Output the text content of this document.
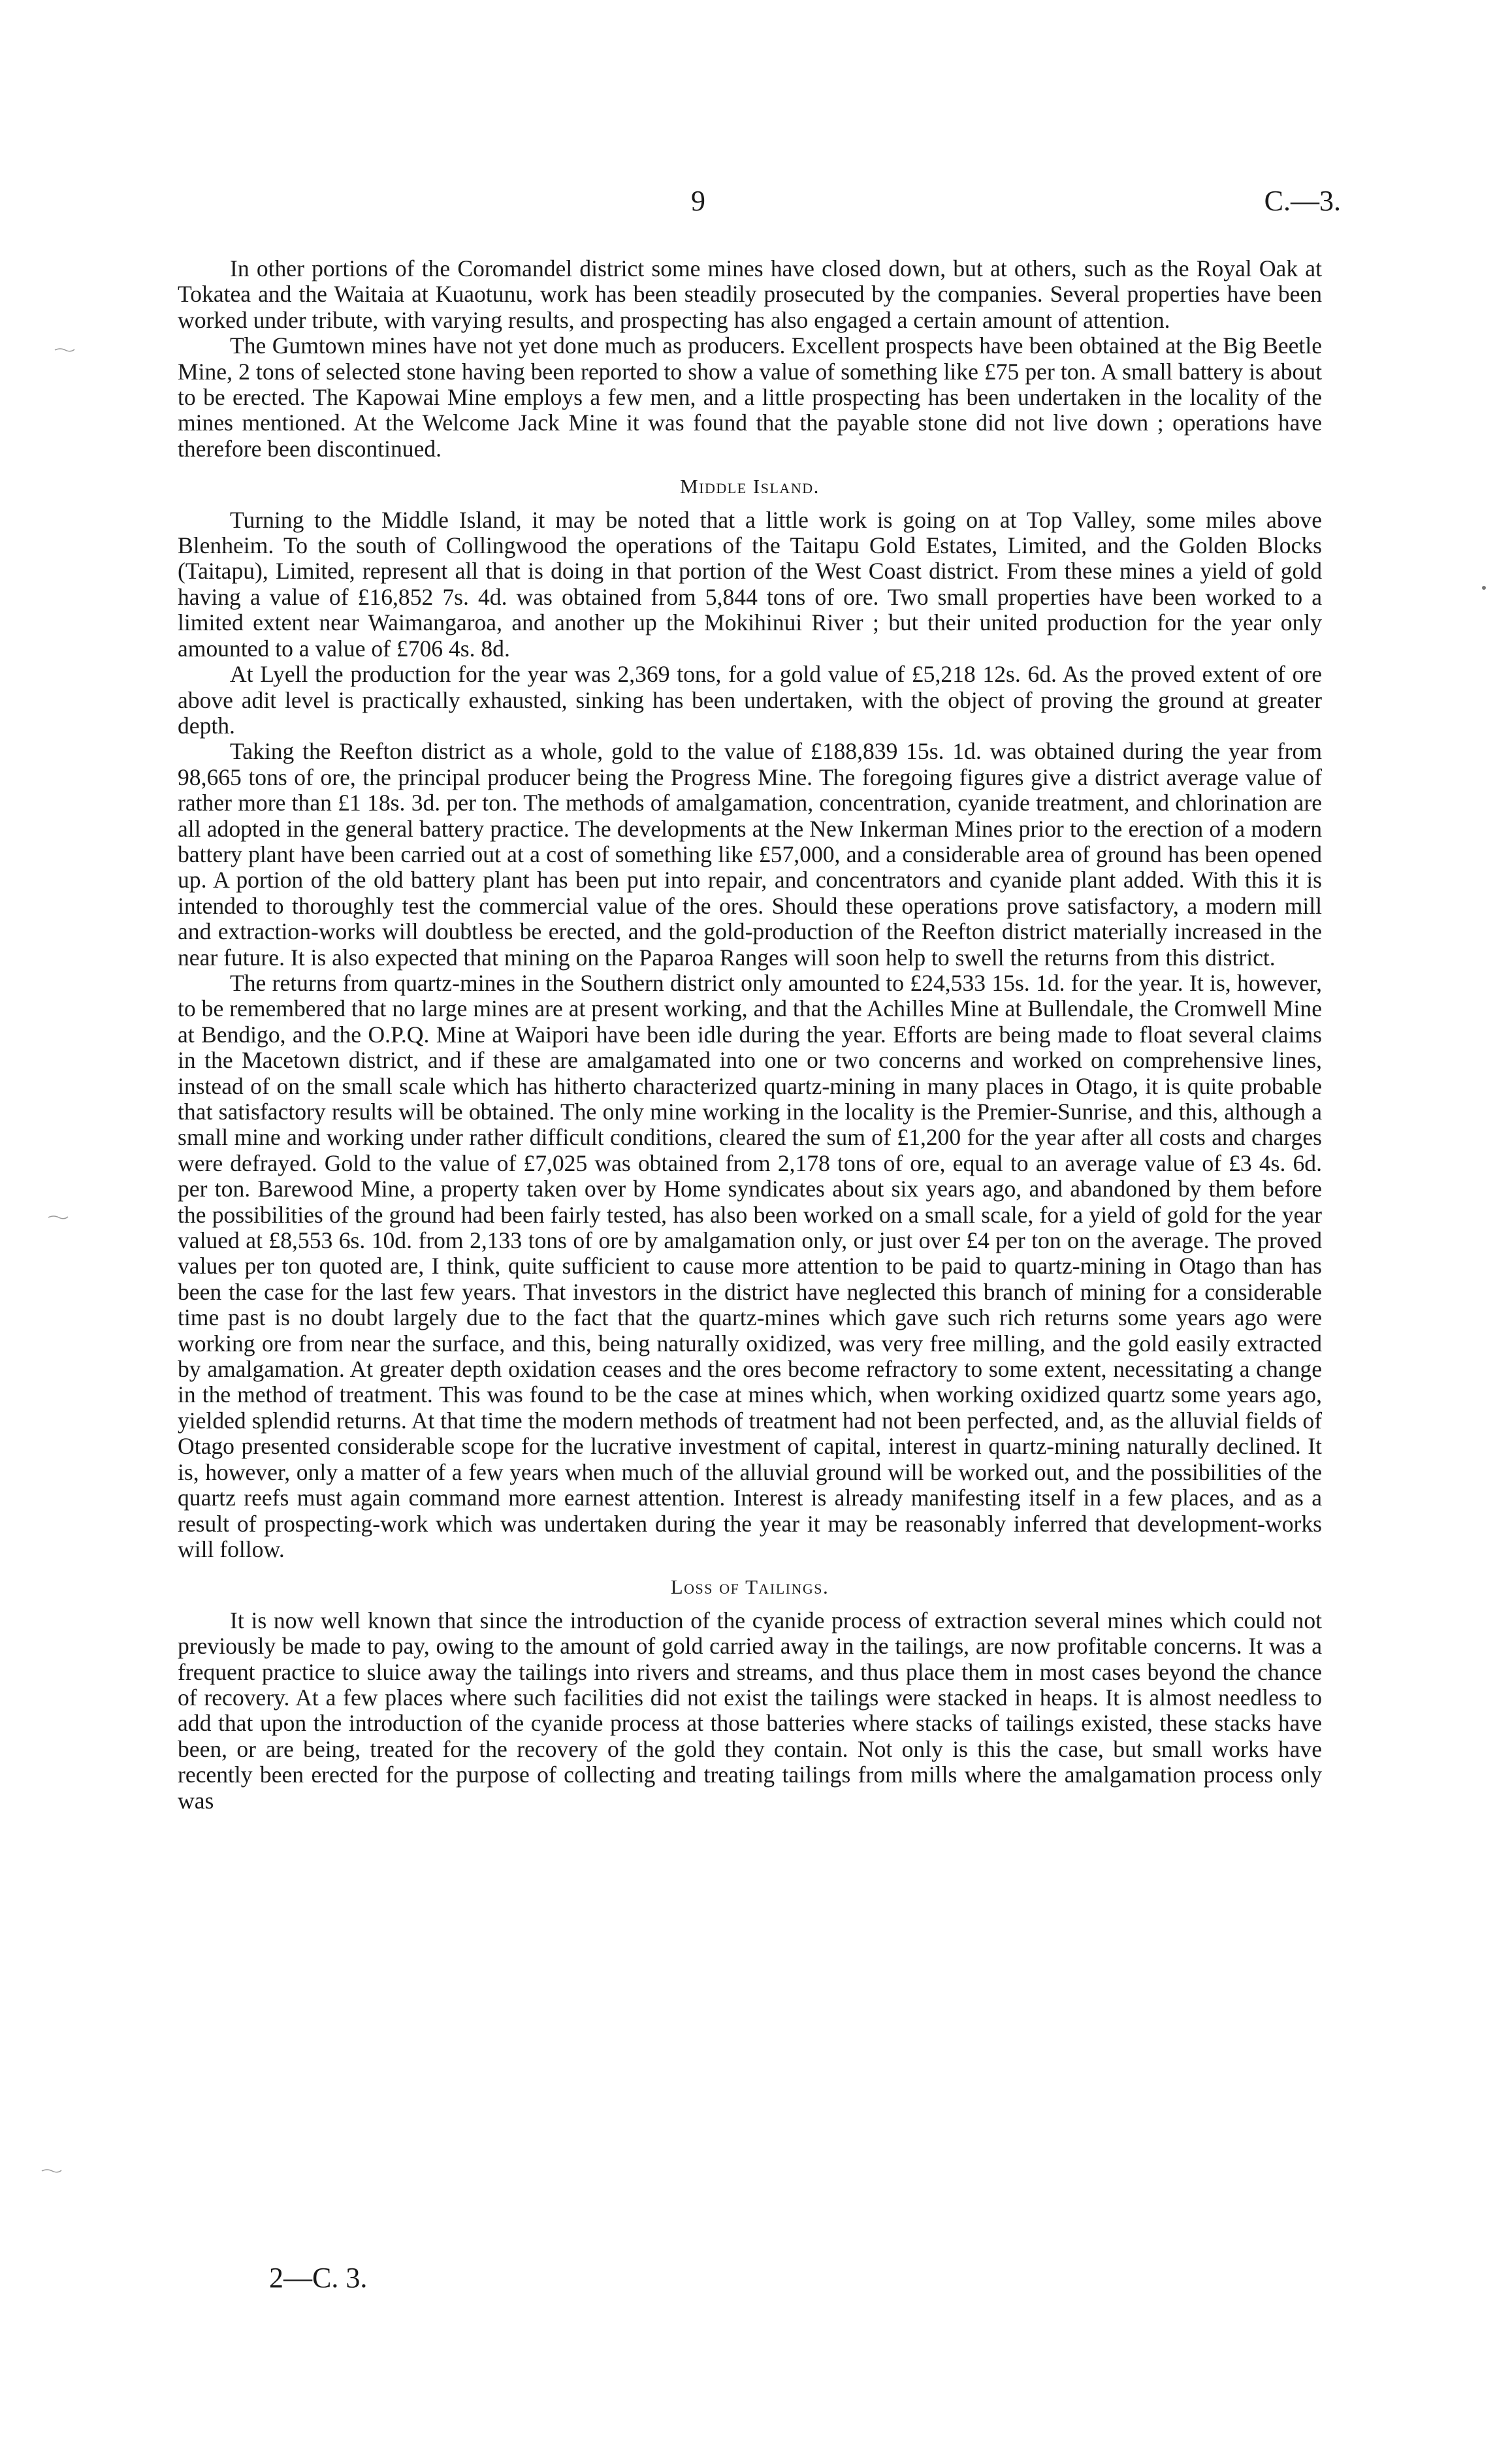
9	C.—3.

In other portions of the Coromandel district some mines have closed down, but at others, such as the Royal Oak at Tokatea and the Waitaia at Kuaotunu, work has been steadily prosecuted by the companies. Several properties have been worked under tribute, with varying results, and prospecting has also engaged a certain amount of attention.

The Gumtown mines have not yet done much as producers. Excellent prospects have been obtained at the Big Beetle Mine, 2 tons of selected stone having been reported to show a value of something like £75 per ton. A small battery is about to be erected. The Kapowai Mine employs a few men, and a little prospecting has been undertaken in the locality of the mines mentioned. At the Welcome Jack Mine it was found that the payable stone did not live down ; operations have therefore been discontinued.

Middle Island.

Turning to the Middle Island, it may be noted that a little work is going on at Top Valley, some miles above Blenheim. To the south of Collingwood the operations of the Taitapu Gold Estates, Limited, and the Golden Blocks (Taitapu), Limited, represent all that is doing in that portion of the West Coast district. From these mines a yield of gold having a value of £16,852 7s. 4d. was obtained from 5,844 tons of ore. Two small properties have been worked to a limited extent near Waimangaroa, and another up the Mokihinui River ; but their united production for the year only amounted to a value of £706 4s. 8d.

At Lyell the production for the year was 2,369 tons, for a gold value of £5,218 12s. 6d. As the proved extent of ore above adit level is practically exhausted, sinking has been undertaken, with the object of proving the ground at greater depth.

Taking the Reefton district as a whole, gold to the value of £188,839 15s. 1d. was obtained during the year from 98,665 tons of ore, the principal producer being the Progress Mine. The foregoing figures give a district average value of rather more than £1 18s. 3d. per ton. The methods of amalgamation, concentration, cyanide treatment, and chlorination are all adopted in the general battery practice. The developments at the New Inkerman Mines prior to the erection of a modern battery plant have been carried out at a cost of something like £57,000, and a considerable area of ground has been opened up. A portion of the old battery plant has been put into repair, and concentrators and cyanide plant added. With this it is intended to thoroughly test the commercial value of the ores. Should these operations prove satisfactory, a modern mill and extraction-works will doubtless be erected, and the gold-production of the Reefton district materially increased in the near future. It is also expected that mining on the Paparoa Ranges will soon help to swell the returns from this district.

The returns from quartz-mines in the Southern district only amounted to £24,533 15s. 1d. for the year. It is, however, to be remembered that no large mines are at present working, and that the Achilles Mine at Bullendale, the Cromwell Mine at Bendigo, and the O.P.Q. Mine at Waipori have been idle during the year. Efforts are being made to float several claims in the Macetown district, and if these are amalgamated into one or two concerns and worked on comprehensive lines, instead of on the small scale which has hitherto characterized quartz-mining in many places in Otago, it is quite probable that satisfactory results will be obtained. The only mine working in the locality is the Premier-Sunrise, and this, although a small mine and working under rather difficult conditions, cleared the sum of £1,200 for the year after all costs and charges were defrayed. Gold to the value of £7,025 was obtained from 2,178 tons of ore, equal to an average value of £3 4s. 6d. per ton. Barewood Mine, a property taken over by Home syndicates about six years ago, and abandoned by them before the possibilities of the ground had been fairly tested, has also been worked on a small scale, for a yield of gold for the year valued at £8,553 6s. 10d. from 2,133 tons of ore by amalgamation only, or just over £4 per ton on the average. The proved values per ton quoted are, I think, quite sufficient to cause more attention to be paid to quartz-mining in Otago than has been the case for the last few years. That investors in the district have neglected this branch of mining for a considerable time past is no doubt largely due to the fact that the quartz-mines which gave such rich returns some years ago were working ore from near the surface, and this, being naturally oxidized, was very free milling, and the gold easily extracted by amalgamation. At greater depth oxidation ceases and the ores become refractory to some extent, necessitating a change in the method of treatment. This was found to be the case at mines which, when working oxidized quartz some years ago, yielded splendid returns. At that time the modern methods of treatment had not been perfected, and, as the alluvial fields of Otago presented considerable scope for the lucrative investment of capital, interest in quartz-mining naturally declined. It is, however, only a matter of a few years when much of the alluvial ground will be worked out, and the possibilities of the quartz reefs must again command more earnest attention. Interest is already manifesting itself in a few places, and as a result of prospecting-work which was undertaken during the year it may be reasonably inferred that development-works will follow.

Loss of Tailings.

It is now well known that since the introduction of the cyanide process of extraction several mines which could not previously be made to pay, owing to the amount of gold carried away in the tailings, are now profitable concerns. It was a frequent practice to sluice away the tailings into rivers and streams, and thus place them in most cases beyond the chance of recovery. At a few places where such facilities did not exist the tailings were stacked in heaps. It is almost needless to add that upon the introduction of the cyanide process at those batteries where stacks of tailings existed, these stacks have been, or are being, treated for the recovery of the gold they contain. Not only is this the case, but small works have recently been erected for the purpose of collecting and treating tailings from mills where the amalgamation process only was

2—C. 3.
